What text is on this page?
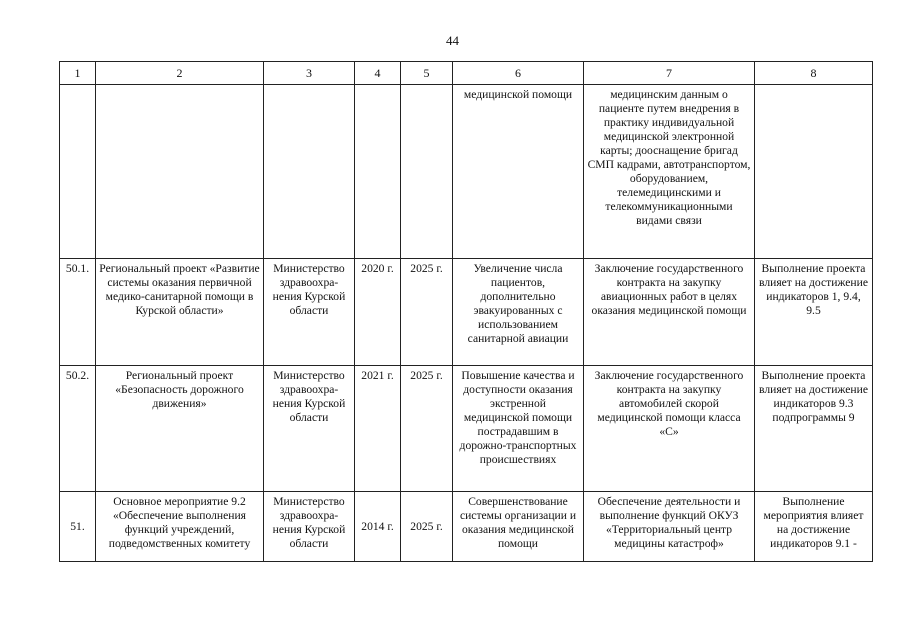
44
1	2	3	4	5	6	7	8
					медицинской помощи	медицинским данным о пациенте путем внедрения в практику индивидуальной медицинской электронной карты; дооснащение бригад СМП кадрами, автотранспортом, оборудованием, телемедицинскими и телекоммуникационными видами связи	
50.1.	Региональный проект «Развитие системы оказания первичной медико-санитарной помощи в Курской области»	Министерство здравоохра-нения Курской области	2020 г.	2025 г.	Увеличение числа пациентов, дополнительно эвакуированных с использованием санитарной авиации	Заключение государственного контракта на закупку авиационных работ в целях оказания медицинской помощи	Выполнение проекта влияет на достижение индикаторов 1, 9.4, 9.5
50.2.	Региональный проект «Безопасность дорожного движения»	Министерство здравоохра-нения Курской области	2021 г.	2025 г.	Повышение качества и доступности оказания экстренной медицинской помощи пострадавшим в дорожно-транспортных происшествиях	Заключение государственного контракта на закупку автомобилей скорой медицинской помощи класса «С»	Выполнение проекта влияет на достижение индикаторов 9.3 подпрограммы 9
51.	Основное мероприятие 9.2 «Обеспечение выполнения функций учреждений, подведомственных комитету	Министерство здравоохра-нения Курской области	2014 г.	2025 г.	Совершенствование системы организации и оказания медицинской помощи	Обеспечение деятельности и выполнение функций ОКУЗ «Территориальный центр медицины катастроф»	Выполнение мероприятия влияет на достижение индикаторов 9.1 -
